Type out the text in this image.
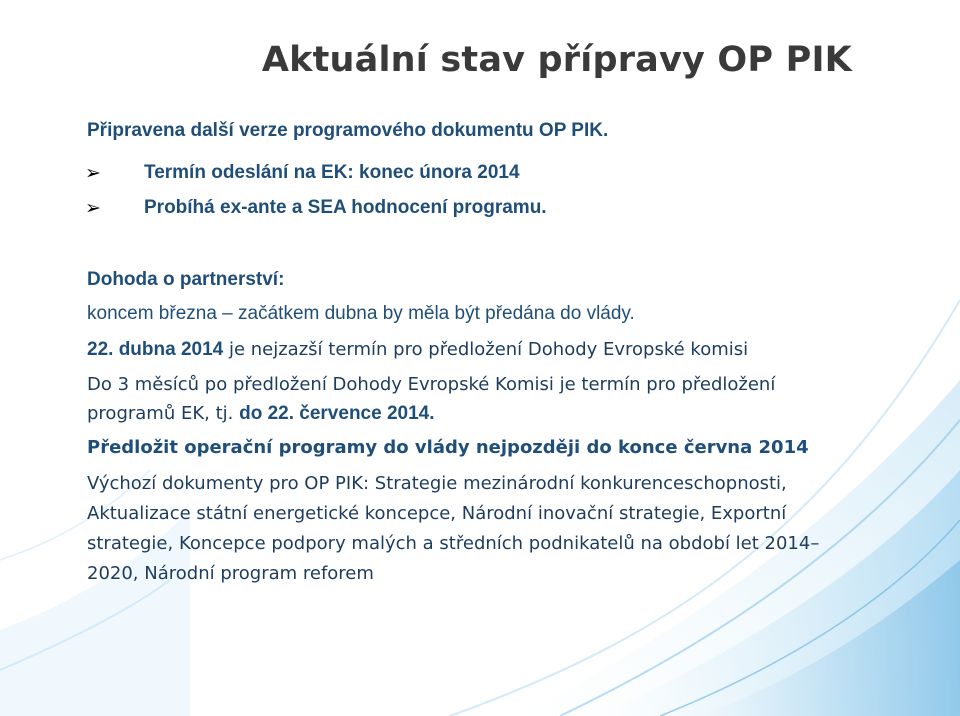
Aktuální stav přípravy OP PIK
Připravena další verze programového dokumentu OP PIK.
➢ Termín odeslání na EK: konec února 2014
➢ Probíhá ex-ante a SEA hodnocení programu.
Dohoda o partnerství:
koncem března – začátkem dubna by měla být předána do vlády.
22. dubna 2014 je nejzazší termín pro předložení Dohody Evropské komisi
Do 3 měsíců po předložení Dohody Evropské Komisi je termín pro předložení
programů EK, tj. do 22. července 2014.
Předložit operační programy do vlády nejpozději do konce června 2014
Výchozí dokumenty pro OP PIK: Strategie mezinárodní konkurenceschopnosti,
Aktualizace státní energetické koncepce, Národní inovační strategie, Exportní
strategie, Koncepce podpory malých a středních podnikatelů na období let 2014–
2020, Národní program reforem
